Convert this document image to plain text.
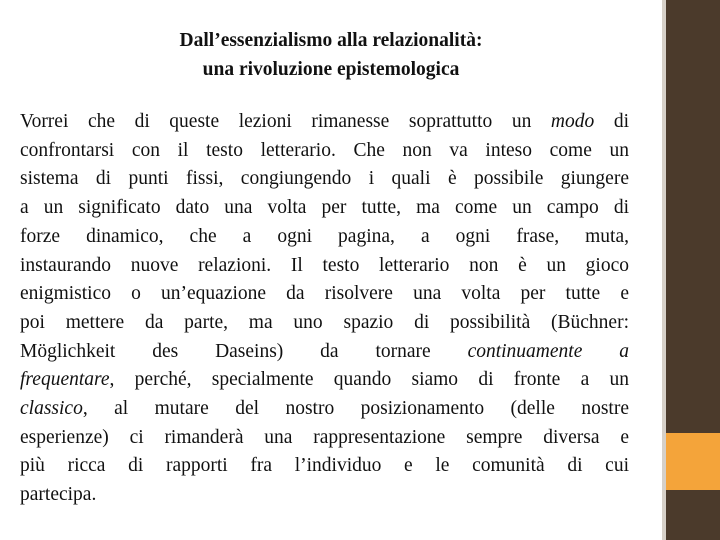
Dall’essenzialismo alla relazionalità:
una rivoluzione epistemologica
Vorrei che di queste lezioni rimanesse soprattutto un modo di
confrontarsi con il testo letterario. Che non va inteso come un
sistema di punti fissi, congiungendo i quali è possibile giungere
a un significato dato una volta per tutte, ma come un campo di
forze dinamico, che a ogni pagina, a ogni frase, muta,
instaurando nuove relazioni. Il testo letterario non è un gioco
enigmistico o un’equazione da risolvere una volta per tutte e
poi mettere da parte, ma uno spazio di possibilità (Büchner:
Möglichkeit des Daseins) da tornare continuamente a
frequentare, perché, specialmente quando siamo di fronte a un
classico, al mutare del nostro posizionamento (delle nostre
esperienze) ci rimanderà una rappresentazione sempre diversa e
più ricca di rapporti fra l’individuo e le comunità di cui
partecipa.
